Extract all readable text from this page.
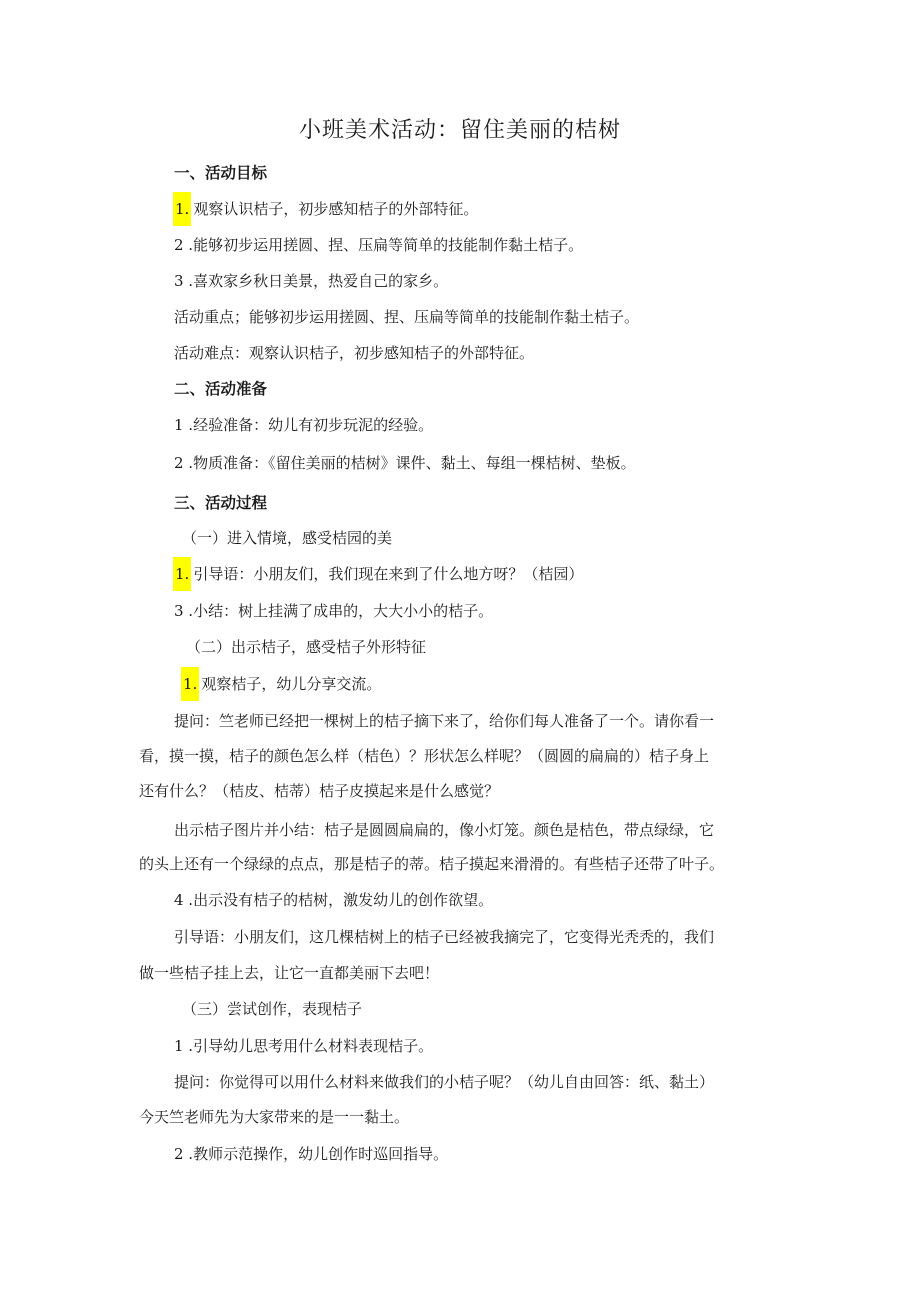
小班美术活动：留住美丽的桔树
一、活动目标
1. 观察认识桔子，初步感知桔子的外部特征。
2 .能够初步运用搓圆、捏、压扁等简单的技能制作黏土桔子。
3 .喜欢家乡秋日美景，热爱自己的家乡。
活动重点；能够初步运用搓圆、捏、压扁等简单的技能制作黏土桔子。
活动难点：观察认识桔子，初步感知桔子的外部特征。
二、活动准备
1 .经验准备：幼儿有初步玩泥的经验。
2 .物质准备：《留住美丽的桔树》课件、黏土、每组一棵桔树、垫板。
三、活动过程
（一）进入情境，感受桔园的美
1. 引导语：小朋友们，我们现在来到了什么地方呀？（桔园）
3 .小结：树上挂满了成串的，大大小小的桔子。
（二）出示桔子，感受桔子外形特征
1. 观察桔子，幼儿分享交流。
提问：竺老师已经把一棵树上的桔子摘下来了，给你们每人准备了一个。请你看一
看，摸一摸，桔子的颜色怎么样（桔色）？形状怎么样呢？（圆圆的扁扁的）桔子身上
还有什么？（桔皮、桔蒂）桔子皮摸起来是什么感觉？
出示桔子图片并小结：桔子是圆圆扁扁的，像小灯笼。颜色是桔色，带点绿绿，它
的头上还有一个绿绿的点点，那是桔子的蒂。桔子摸起来滑滑的。有些桔子还带了叶子。
4 .出示没有桔子的桔树，激发幼儿的创作欲望。
引导语：小朋友们，这几棵桔树上的桔子已经被我摘完了，它变得光秃秃的，我们
做一些桔子挂上去，让它一直都美丽下去吧！
（三）尝试创作，表现桔子
1 .引导幼儿思考用什么材料表现桔子。
提问：你觉得可以用什么材料来做我们的小桔子呢？（幼儿自由回答：纸、黏土）
今天竺老师先为大家带来的是一一黏土。
2 .教师示范操作，幼儿创作时巡回指导。
